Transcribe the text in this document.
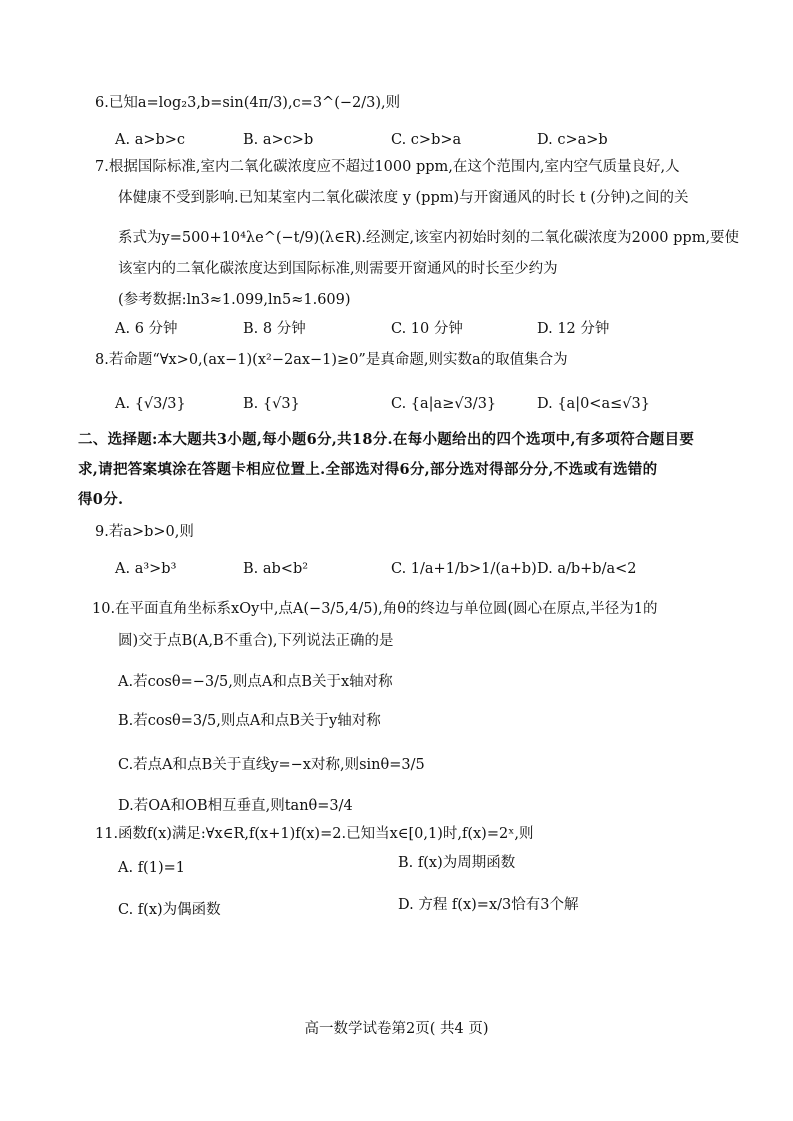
6.已知a=log₂3,b=sin(4π/3),c=3^(−2/3),则
A. a>b>c	B. a>c>b	C. c>b>a	D. c>a>b
7.根据国际标准,室内二氧化碳浓度应不超过1000 ppm,在这个范围内,室内空气质量良好,人
体健康不受到影响.已知某室内二氧化碳浓度 y (ppm)与开窗通风的时长 t (分钟)之间的关
系式为y=500+10⁴λe^(−t/9)(λ∈R).经测定,该室内初始时刻的二氧化碳浓度为2000 ppm,要使
该室内的二氧化碳浓度达到国际标准,则需要开窗通风的时长至少约为
(参考数据:ln3≈1.099,ln5≈1.609)
A. 6 分钟	B. 8 分钟	C. 10 分钟	D. 12 分钟
8.若命题“∀x>0,(ax−1)(x²−2ax−1)≥0”是真命题,则实数a的取值集合为
A. {√3/3}	B. {√3}	C. {a|a≥√3/3}	D. {a|0<a≤√3}
二、选择题:本大题共3小题,每小题6分,共18分.在每小题给出的四个选项中,有多项符合题目要
求,请把答案填涂在答题卡相应位置上.全部选对得6分,部分选对得部分分,不选或有选错的
得0分.
9.若a>b>0,则
A. a³>b³	B. ab<b²	C. 1/a+1/b>1/(a+b) D. a/b+b/a<2
10.在平面直角坐标系xOy中,点A(−3/5,4/5),角θ的终边与单位圆(圆心在原点,半径为1的
圆)交于点B(A,B不重合),下列说法正确的是
A.若cosθ=−3/5,则点A和点B关于x轴对称
B.若cosθ=3/5,则点A和点B关于y轴对称
C.若点A和点B关于直线y=−x对称,则sinθ=3/5
D.若OA和OB相互垂直,则tanθ=3/4
11.函数f(x)满足:∀x∈R,f(x+1)f(x)=2.已知当x∈[0,1)时,f(x)=2ˣ,则
A. f(1)=1	B. f(x)为周期函数
C. f(x)为偶函数	D. 方程 f(x)=x/3恰有3个解
高一数学试卷第2页( 共4 页)
